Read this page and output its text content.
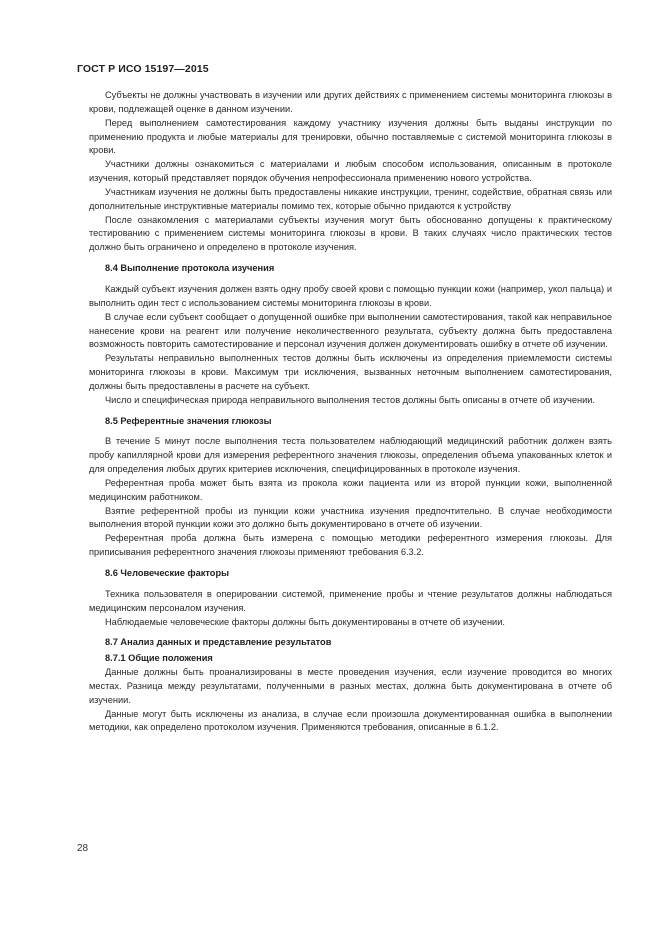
ГОСТ Р ИСО 15197—2015

Субъекты не должны участвовать в изучении или других действиях с применением системы мониторинга глюкозы в крови, подлежащей оценке в данном изучении.

Перед выполнением самотестирования каждому участнику изучения должны быть выданы инструкции по применению продукта и любые материалы для тренировки, обычно поставляемые с системой мониторинга глюкозы в крови.

Участники должны ознакомиться с материалами и любым способом использования, описанным в протоколе изучения, который представляет порядок обучения непрофессионала применению нового устройства.

Участникам изучения не должны быть предоставлены никакие инструкции, тренинг, содействие, обратная связь или дополнительные инструктивные материалы помимо тех, которые обычно придаются к устройству

После ознакомления с материалами субъекты изучения могут быть обоснованно допущены к практическому тестированию с применением системы мониторинга глюкозы в крови. В таких случаях число практических тестов должно быть ограничено и определено в протоколе изучения.

8.4 Выполнение протокола изучения

Каждый субъект изучения должен взять одну пробу своей крови с помощью пункции кожи (например, укол пальца) и выполнить один тест с использованием системы мониторинга глюкозы в крови.

В случае если субъект сообщает о допущенной ошибке при выполнении самотестирования, такой как неправильное нанесение крови на реагент или получение неколичественного результата, субъекту должна быть предоставлена возможность повторить самотестирование и персонал изучения должен документировать ошибку в отчете об изучении.

Результаты неправильно выполненных тестов должны быть исключены из определения приемлемости системы мониторинга глюкозы в крови. Максимум три исключения, вызванных неточным выполнением самотестирования, должны быть предоставлены в расчете на субъект.

Число и специфическая природа неправильного выполнения тестов должны быть описаны в отчете об изучении.

8.5 Референтные значения глюкозы

В течение 5 минут после выполнения теста пользователем наблюдающий медицинский работник должен взять пробу капиллярной крови для измерения референтного значения глюкозы, определения объема упакованных клеток и для определения любых других критериев исключения, специфицированных в протоколе изучения.

Референтная проба может быть взята из прокола кожи пациента или из второй пункции кожи, выполненной медицинским работником.

Взятие референтной пробы из пункции кожи участника изучения предпочтительно. В случае необходимости выполнения второй пункции кожи это должно быть документировано в отчете об изучении.

Референтная проба должна быть измерена с помощью методики референтного измерения глюкозы. Для приписывания референтного значения глюкозы применяют требования 6.3.2.

8.6 Человеческие факторы

Техника пользователя в оперировании системой, применение пробы и чтение результатов должны наблюдаться медицинским персоналом изучения.

Наблюдаемые человеческие факторы должны быть документированы в отчете об изучении.

8.7 Анализ данных и представление результатов
8.7.1 Общие положения

Данные должны быть проанализированы в месте проведения изучения, если изучение проводится во многих местах. Разница между результатами, полученными в разных местах, должна быть документирована в отчете об изучении.

Данные могут быть исключены из анализа, в случае если произошла документированная ошибка в выполнении методики, как определено протоколом изучения. Применяются требования, описанные в 6.1.2.

28
